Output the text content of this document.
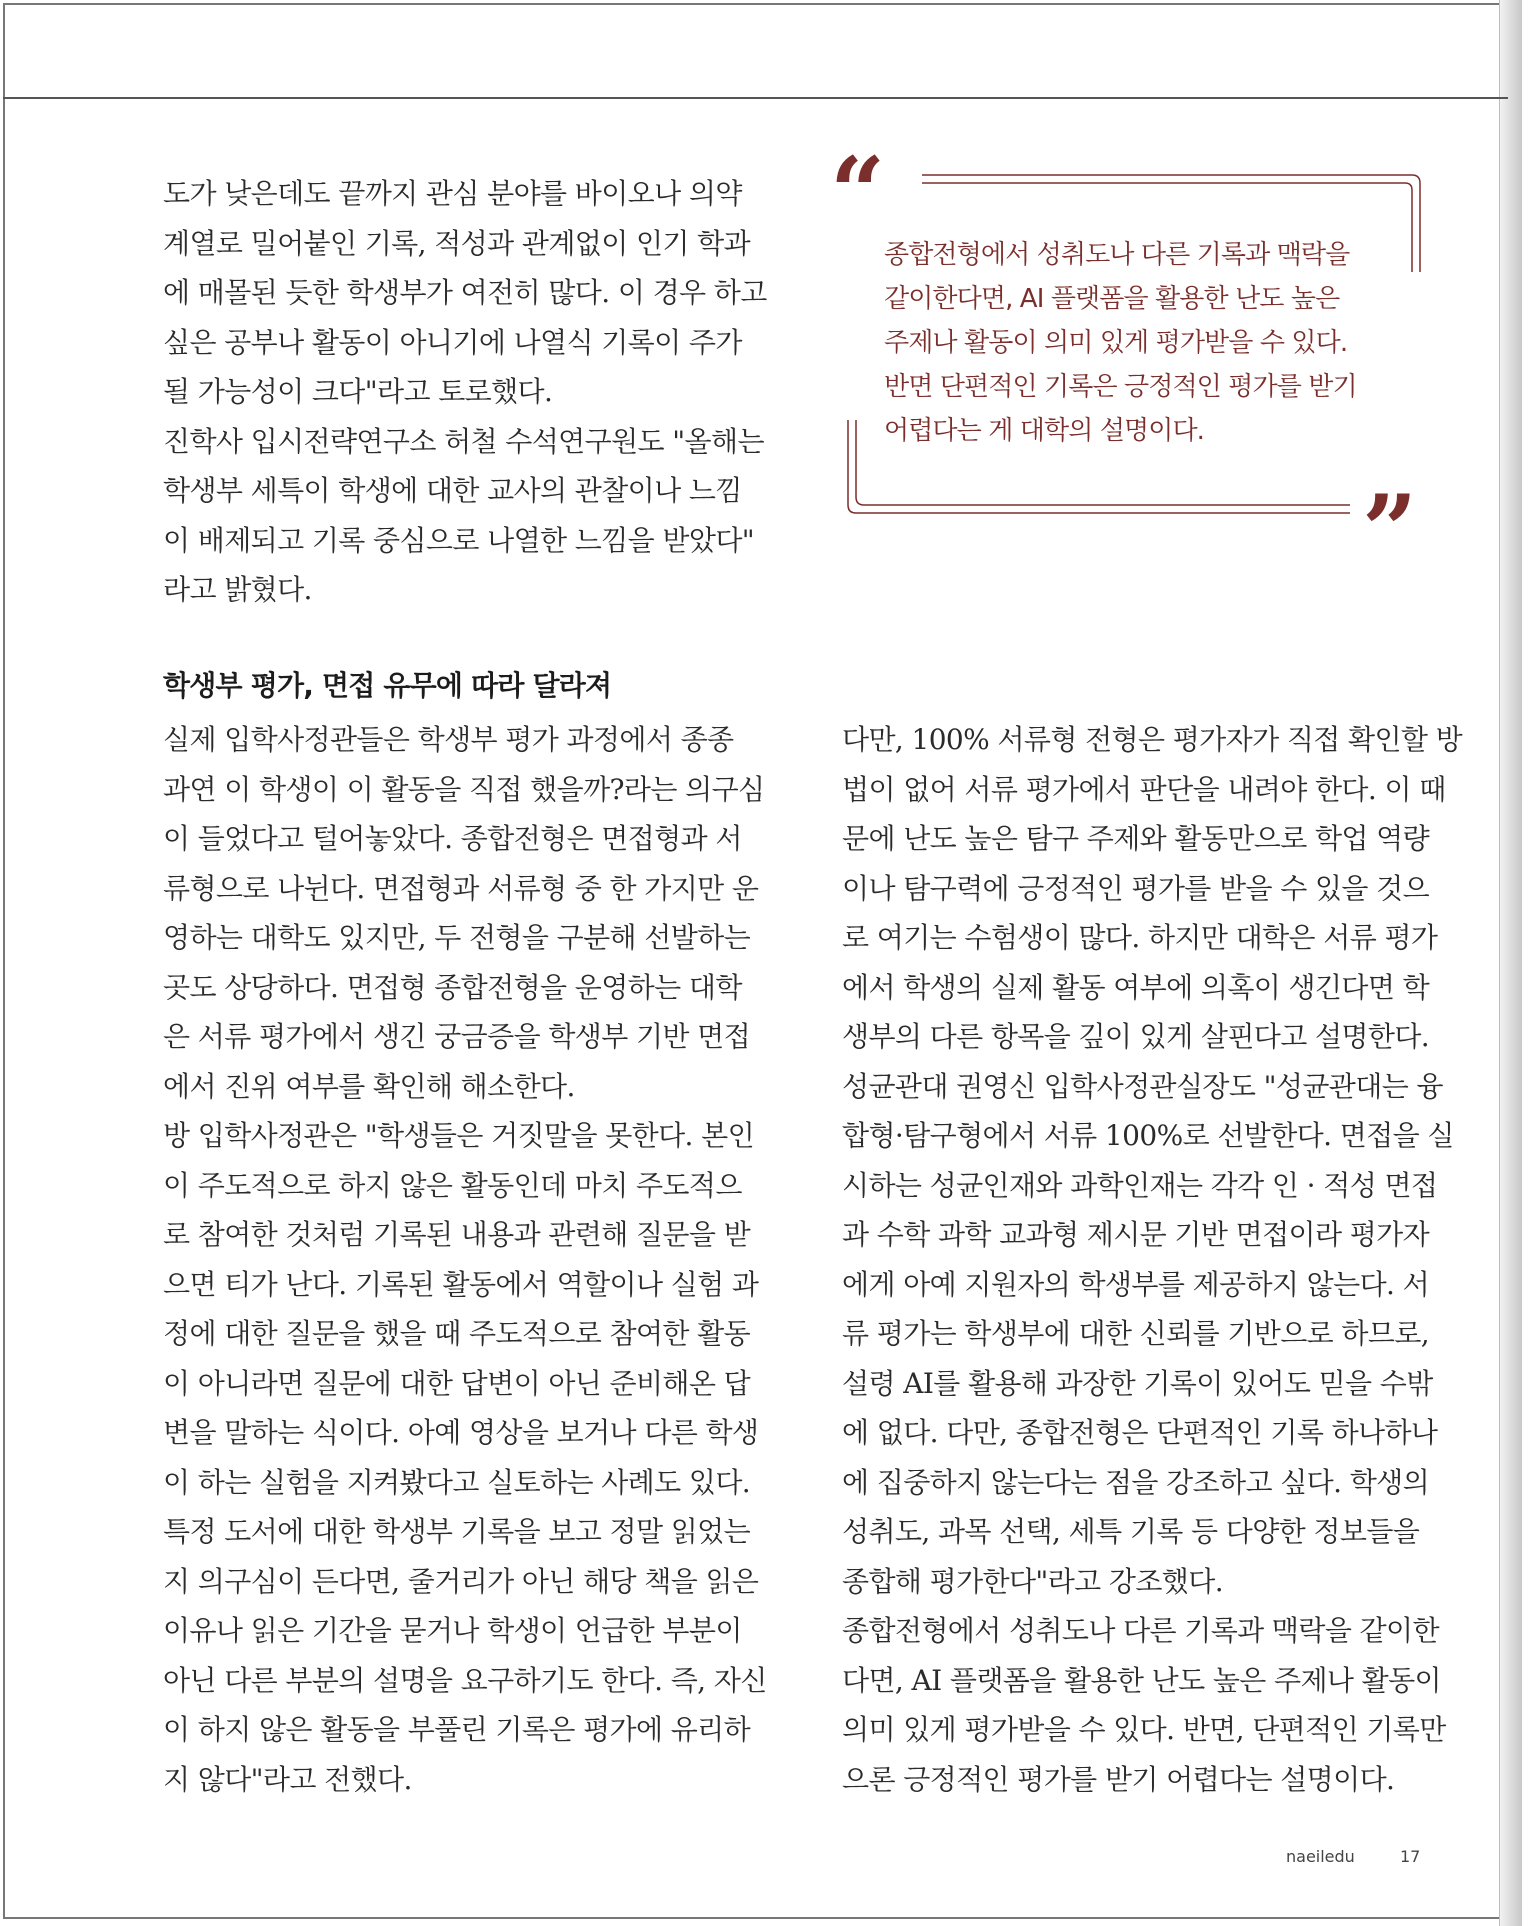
도가 낮은데도 끝까지 관심 분야를 바이오나 의약
계열로 밀어붙인 기록, 적성과 관계없이 인기 학과
에 매몰된 듯한 학생부가 여전히 많다. 이 경우 하고
싶은 공부나 활동이 아니기에 나열식 기록이 주가
될 가능성이 크다"라고 토로했다.
진학사 입시전략연구소 허철 수석연구원도 "올해는
학생부 세특이 학생에 대한 교사의 관찰이나 느낌
이 배제되고 기록 중심으로 나열한 느낌을 받았다"
라고 밝혔다.
“
종합전형에서 성취도나 다른 기록과 맥락을
같이한다면, AI 플랫폼을 활용한 난도 높은
주제나 활동이 의미 있게 평가받을 수 있다.
반면 단편적인 기록은 긍정적인 평가를 받기
어렵다는 게 대학의 설명이다.
”
학생부 평가, 면접 유무에 따라 달라져
실제 입학사정관들은 학생부 평가 과정에서 종종
과연 이 학생이 이 활동을 직접 했을까?라는 의구심
이 들었다고 털어놓았다. 종합전형은 면접형과 서
류형으로 나뉜다. 면접형과 서류형 중 한 가지만 운
영하는 대학도 있지만, 두 전형을 구분해 선발하는
곳도 상당하다. 면접형 종합전형을 운영하는 대학
은 서류 평가에서 생긴 궁금증을 학생부 기반 면접
에서 진위 여부를 확인해 해소한다.
방 입학사정관은 "학생들은 거짓말을 못한다. 본인
이 주도적으로 하지 않은 활동인데 마치 주도적으
로 참여한 것처럼 기록된 내용과 관련해 질문을 받
으면 티가 난다. 기록된 활동에서 역할이나 실험 과
정에 대한 질문을 했을 때 주도적으로 참여한 활동
이 아니라면 질문에 대한 답변이 아닌 준비해온 답
변을 말하는 식이다. 아예 영상을 보거나 다른 학생
이 하는 실험을 지켜봤다고 실토하는 사례도 있다.
특정 도서에 대한 학생부 기록을 보고 정말 읽었는
지 의구심이 든다면, 줄거리가 아닌 해당 책을 읽은
이유나 읽은 기간을 묻거나 학생이 언급한 부분이
아닌 다른 부분의 설명을 요구하기도 한다. 즉, 자신
이 하지 않은 활동을 부풀린 기록은 평가에 유리하
지 않다"라고 전했다.
다만, 100% 서류형 전형은 평가자가 직접 확인할 방
법이 없어 서류 평가에서 판단을 내려야 한다. 이 때
문에 난도 높은 탐구 주제와 활동만으로 학업 역량
이나 탐구력에 긍정적인 평가를 받을 수 있을 것으
로 여기는 수험생이 많다. 하지만 대학은 서류 평가
에서 학생의 실제 활동 여부에 의혹이 생긴다면 학
생부의 다른 항목을 깊이 있게 살핀다고 설명한다.
성균관대 권영신 입학사정관실장도 "성균관대는 융
합형·탐구형에서 서류 100%로 선발한다. 면접을 실
시하는 성균인재와 과학인재는 각각 인 · 적성 면접
과 수학 과학 교과형 제시문 기반 면접이라 평가자
에게 아예 지원자의 학생부를 제공하지 않는다. 서
류 평가는 학생부에 대한 신뢰를 기반으로 하므로,
설령 AI를 활용해 과장한 기록이 있어도 믿을 수밖
에 없다. 다만, 종합전형은 단편적인 기록 하나하나
에 집중하지 않는다는 점을 강조하고 싶다. 학생의
성취도, 과목 선택, 세특 기록 등 다양한 정보들을
종합해 평가한다"라고 강조했다.
종합전형에서 성취도나 다른 기록과 맥락을 같이한
다면, AI 플랫폼을 활용한 난도 높은 주제나 활동이
의미 있게 평가받을 수 있다. 반면, 단편적인 기록만
으론 긍정적인 평가를 받기 어렵다는 설명이다.
naeiledu	17
